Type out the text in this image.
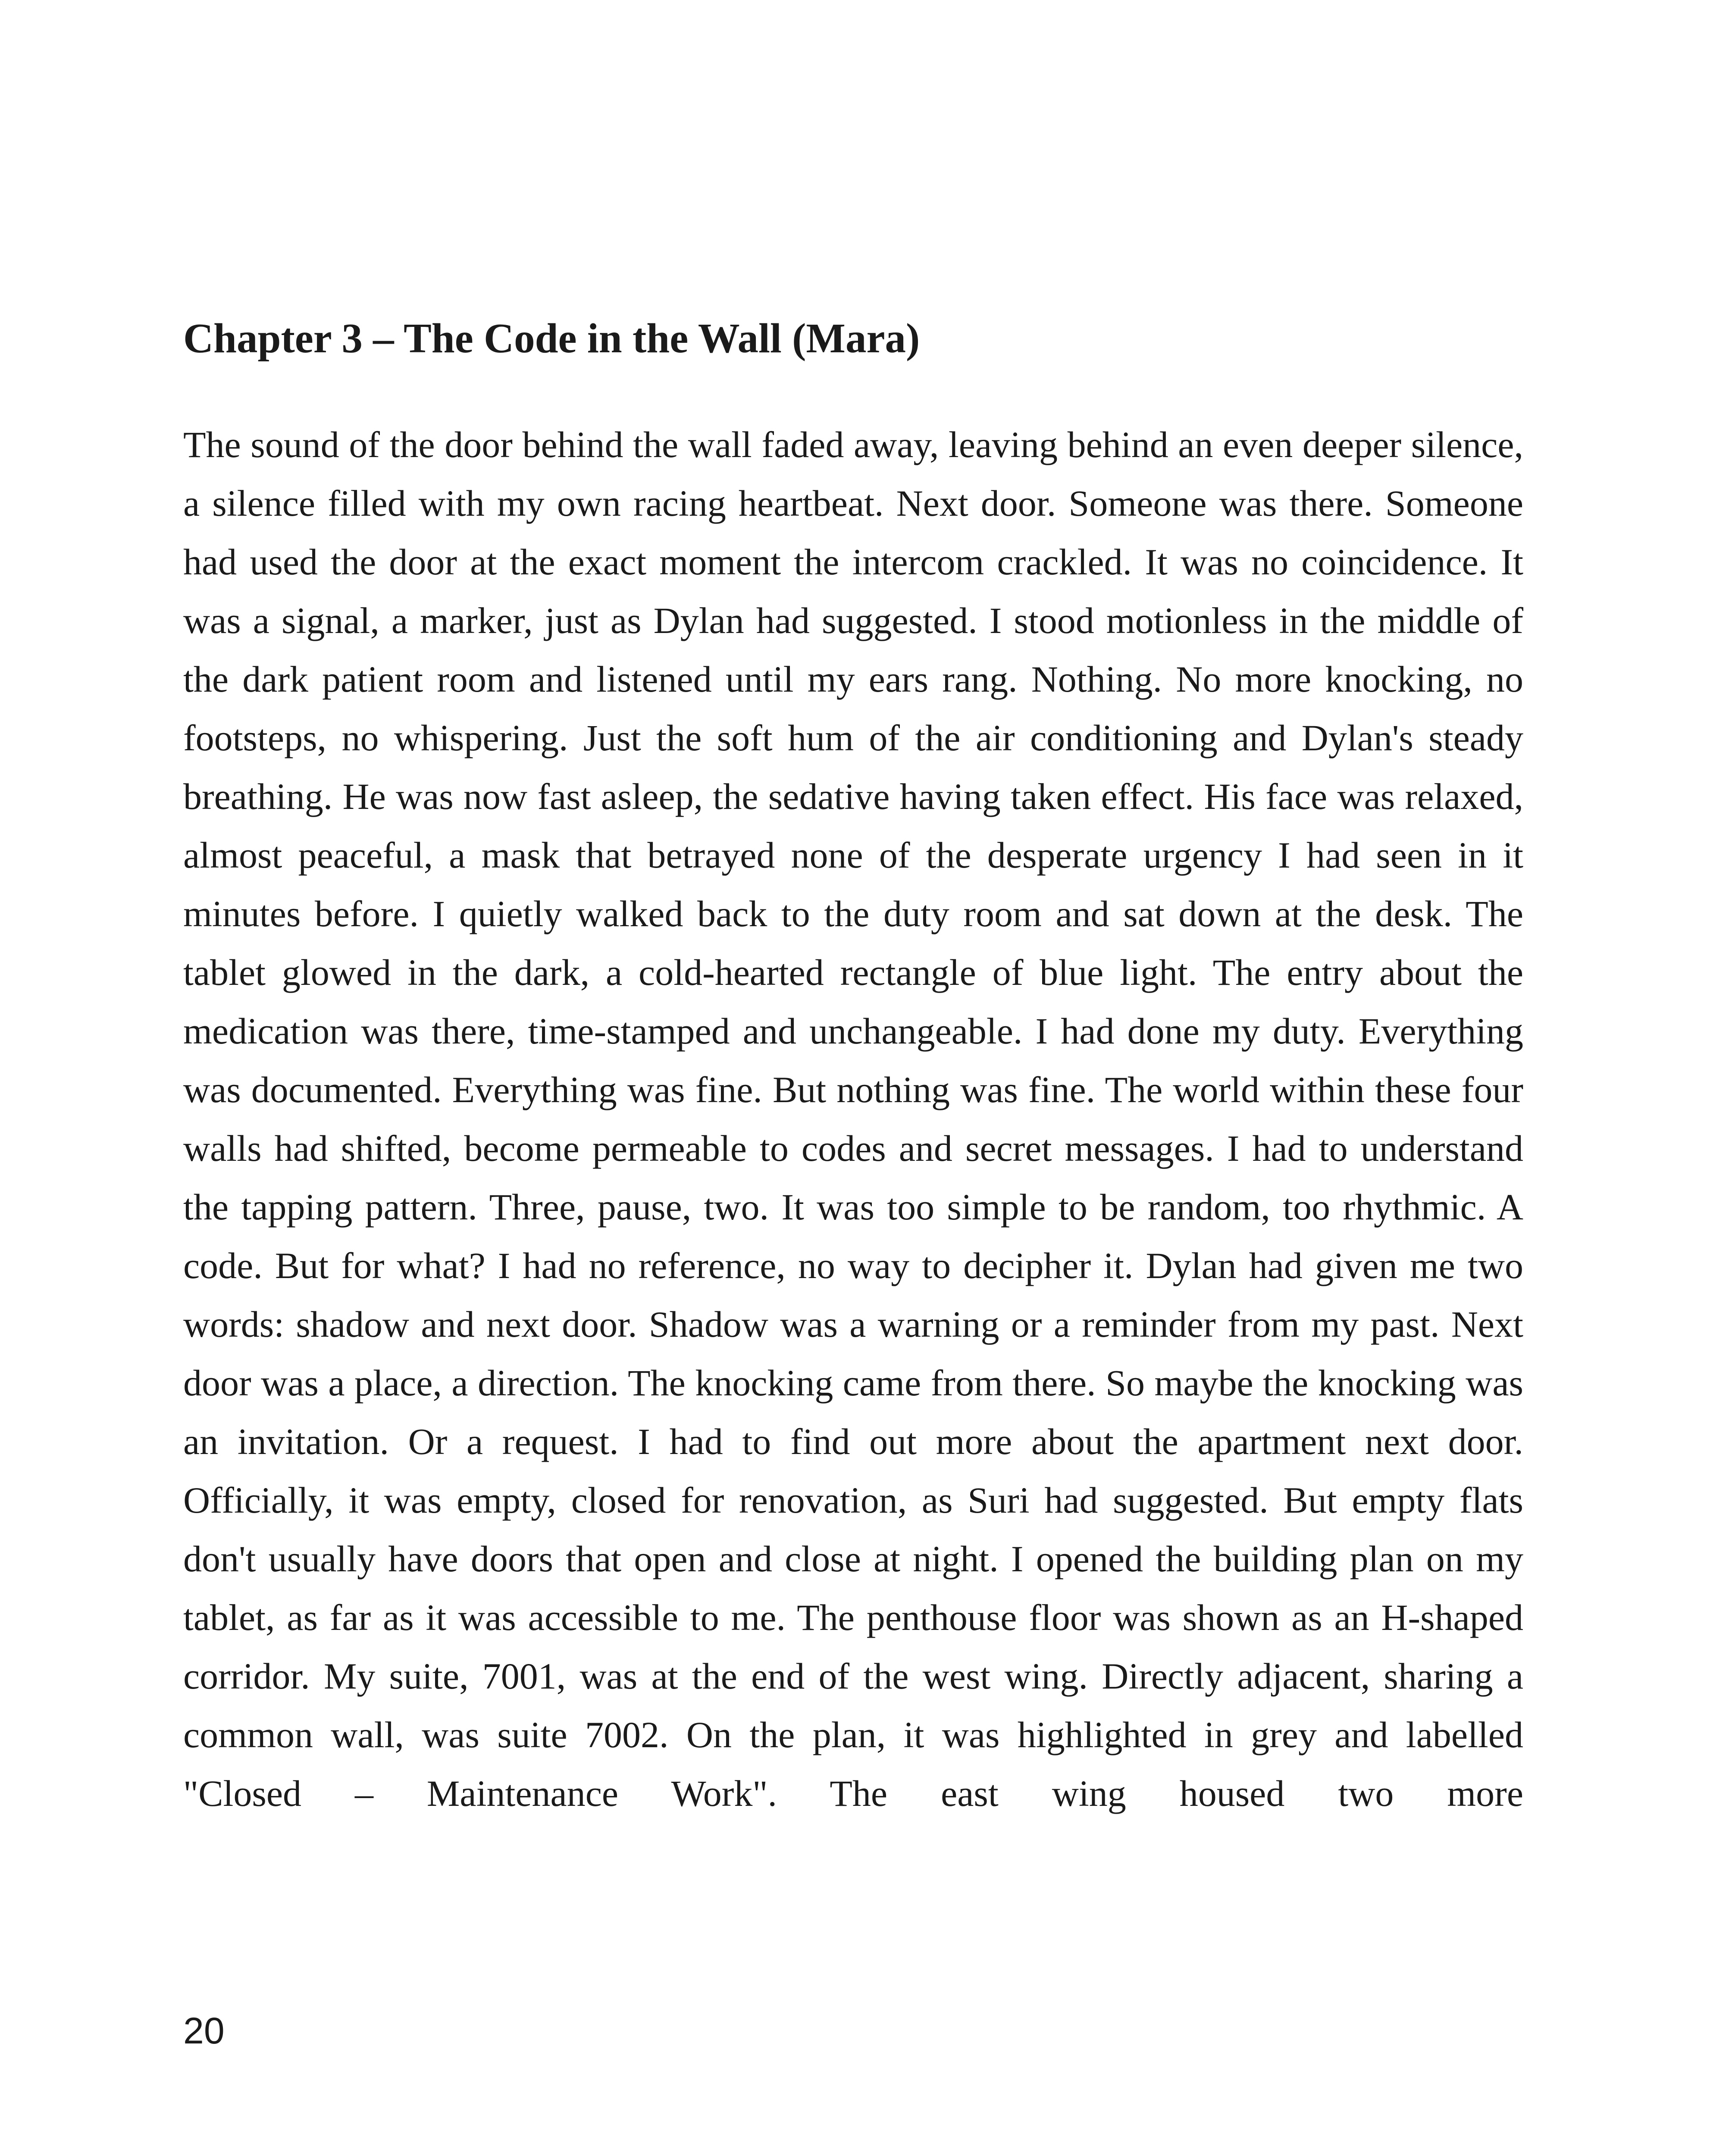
Chapter 3 – The Code in the Wall (Mara)

The sound of the door behind the wall faded away, leaving behind an even deeper silence, a silence filled with my own racing heartbeat. Next door. Someone was there. Someone had used the door at the exact moment the intercom crackled. It was no coincidence. It was a signal, a marker, just as Dylan had suggested. I stood motionless in the middle of the dark patient room and listened until my ears rang. Nothing. No more knocking, no footsteps, no whispering. Just the soft hum of the air conditioning and Dylan's steady breathing. He was now fast asleep, the sedative having taken effect. His face was relaxed, almost peaceful, a mask that betrayed none of the desperate urgency I had seen in it minutes before. I quietly walked back to the duty room and sat down at the desk. The tablet glowed in the dark, a cold-hearted rectangle of blue light. The entry about the medication was there, time-stamped and unchangeable. I had done my duty. Everything was documented. Everything was fine. But nothing was fine. The world within these four walls had shifted, become permeable to codes and secret messages. I had to understand the tapping pattern. Three, pause, two. It was too simple to be random, too rhythmic. A code. But for what? I had no reference, no way to decipher it. Dylan had given me two words: shadow and next door. Shadow was a warning or a reminder from my past. Next door was a place, a direction. The knocking came from there. So maybe the knocking was an invitation. Or a request. I had to find out more about the apartment next door. Officially, it was empty, closed for renovation, as Suri had suggested. But empty flats don't usually have doors that open and close at night. I opened the building plan on my tablet, as far as it was accessible to me. The penthouse floor was shown as an H-shaped corridor. My suite, 7001, was at the end of the west wing. Directly adjacent, sharing a common wall, was suite 7002. On the plan, it was highlighted in grey and labelled "Closed – Maintenance Work". The east wing housed two more

20
